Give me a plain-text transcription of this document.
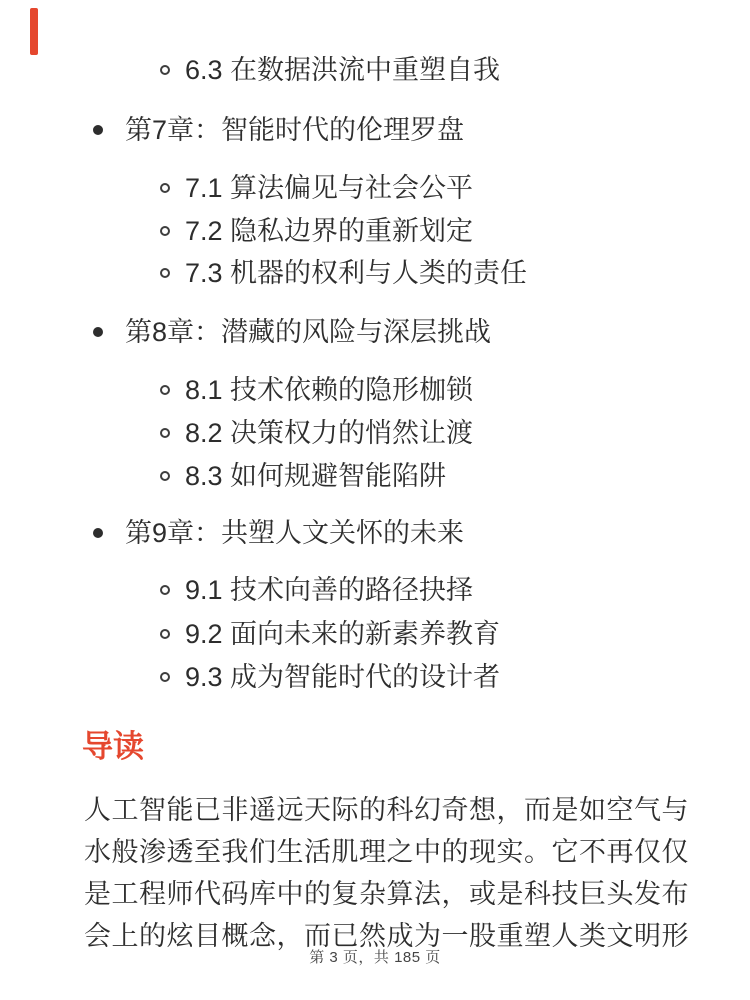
6.3 在数据洪流中重塑自我
第7章：智能时代的伦理罗盘
7.1 算法偏见与社会公平
7.2 隐私边界的重新划定
7.3 机器的权利与人类的责任
第8章：潜藏的风险与深层挑战
8.1 技术依赖的隐形枷锁
8.2 决策权力的悄然让渡
8.3 如何规避智能陷阱
第9章：共塑人文关怀的未来
9.1 技术向善的路径抉择
9.2 面向未来的新素养教育
9.3 成为智能时代的设计者
导读
人工智能已非遥远天际的科幻奇想，而是如空气与
水般渗透至我们生活肌理之中的现实。它不再仅仅
是工程师代码库中的复杂算法，或是科技巨头发布
会上的炫目概念，而已然成为一股重塑人类文明形
第 3 页，共 185 页
